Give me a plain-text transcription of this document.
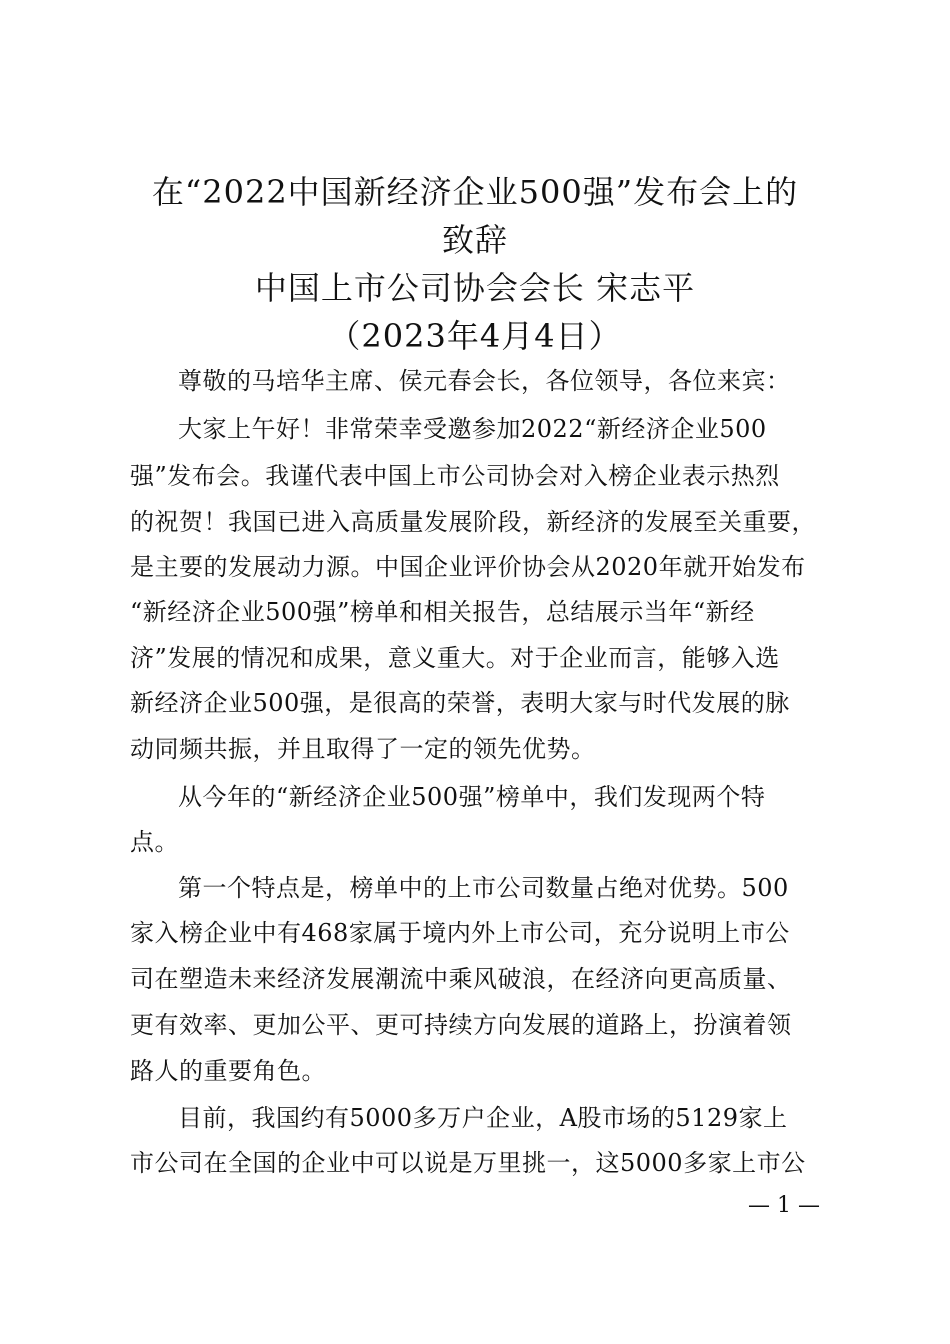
在“2022中国新经济企业500强”发布会上的
致辞
中国上市公司协会会长 宋志平
（2023年4月4日）
尊敬的马培华主席、侯元春会长，各位领导，各位来宾：
大家上午好！非常荣幸受邀参加2022“新经济企业500
强”发布会。我谨代表中国上市公司协会对入榜企业表示热烈
的祝贺！我国已进入高质量发展阶段，新经济的发展至关重要，
是主要的发展动力源。中国企业评价协会从2020年就开始发布
“新经济企业500强”榜单和相关报告，总结展示当年“新经
济”发展的情况和成果，意义重大。对于企业而言，能够入选
新经济企业500强，是很高的荣誉，表明大家与时代发展的脉
动同频共振，并且取得了一定的领先优势。
从今年的“新经济企业500强”榜单中，我们发现两个特
点。
第一个特点是，榜单中的上市公司数量占绝对优势。500
家入榜企业中有468家属于境内外上市公司，充分说明上市公
司在塑造未来经济发展潮流中乘风破浪，在经济向更高质量、
更有效率、更加公平、更可持续方向发展的道路上，扮演着领
路人的重要角色。
目前，我国约有5000多万户企业，A股市场的5129家上
市公司在全国的企业中可以说是万里挑一，这5000多家上市公
— 1 —
